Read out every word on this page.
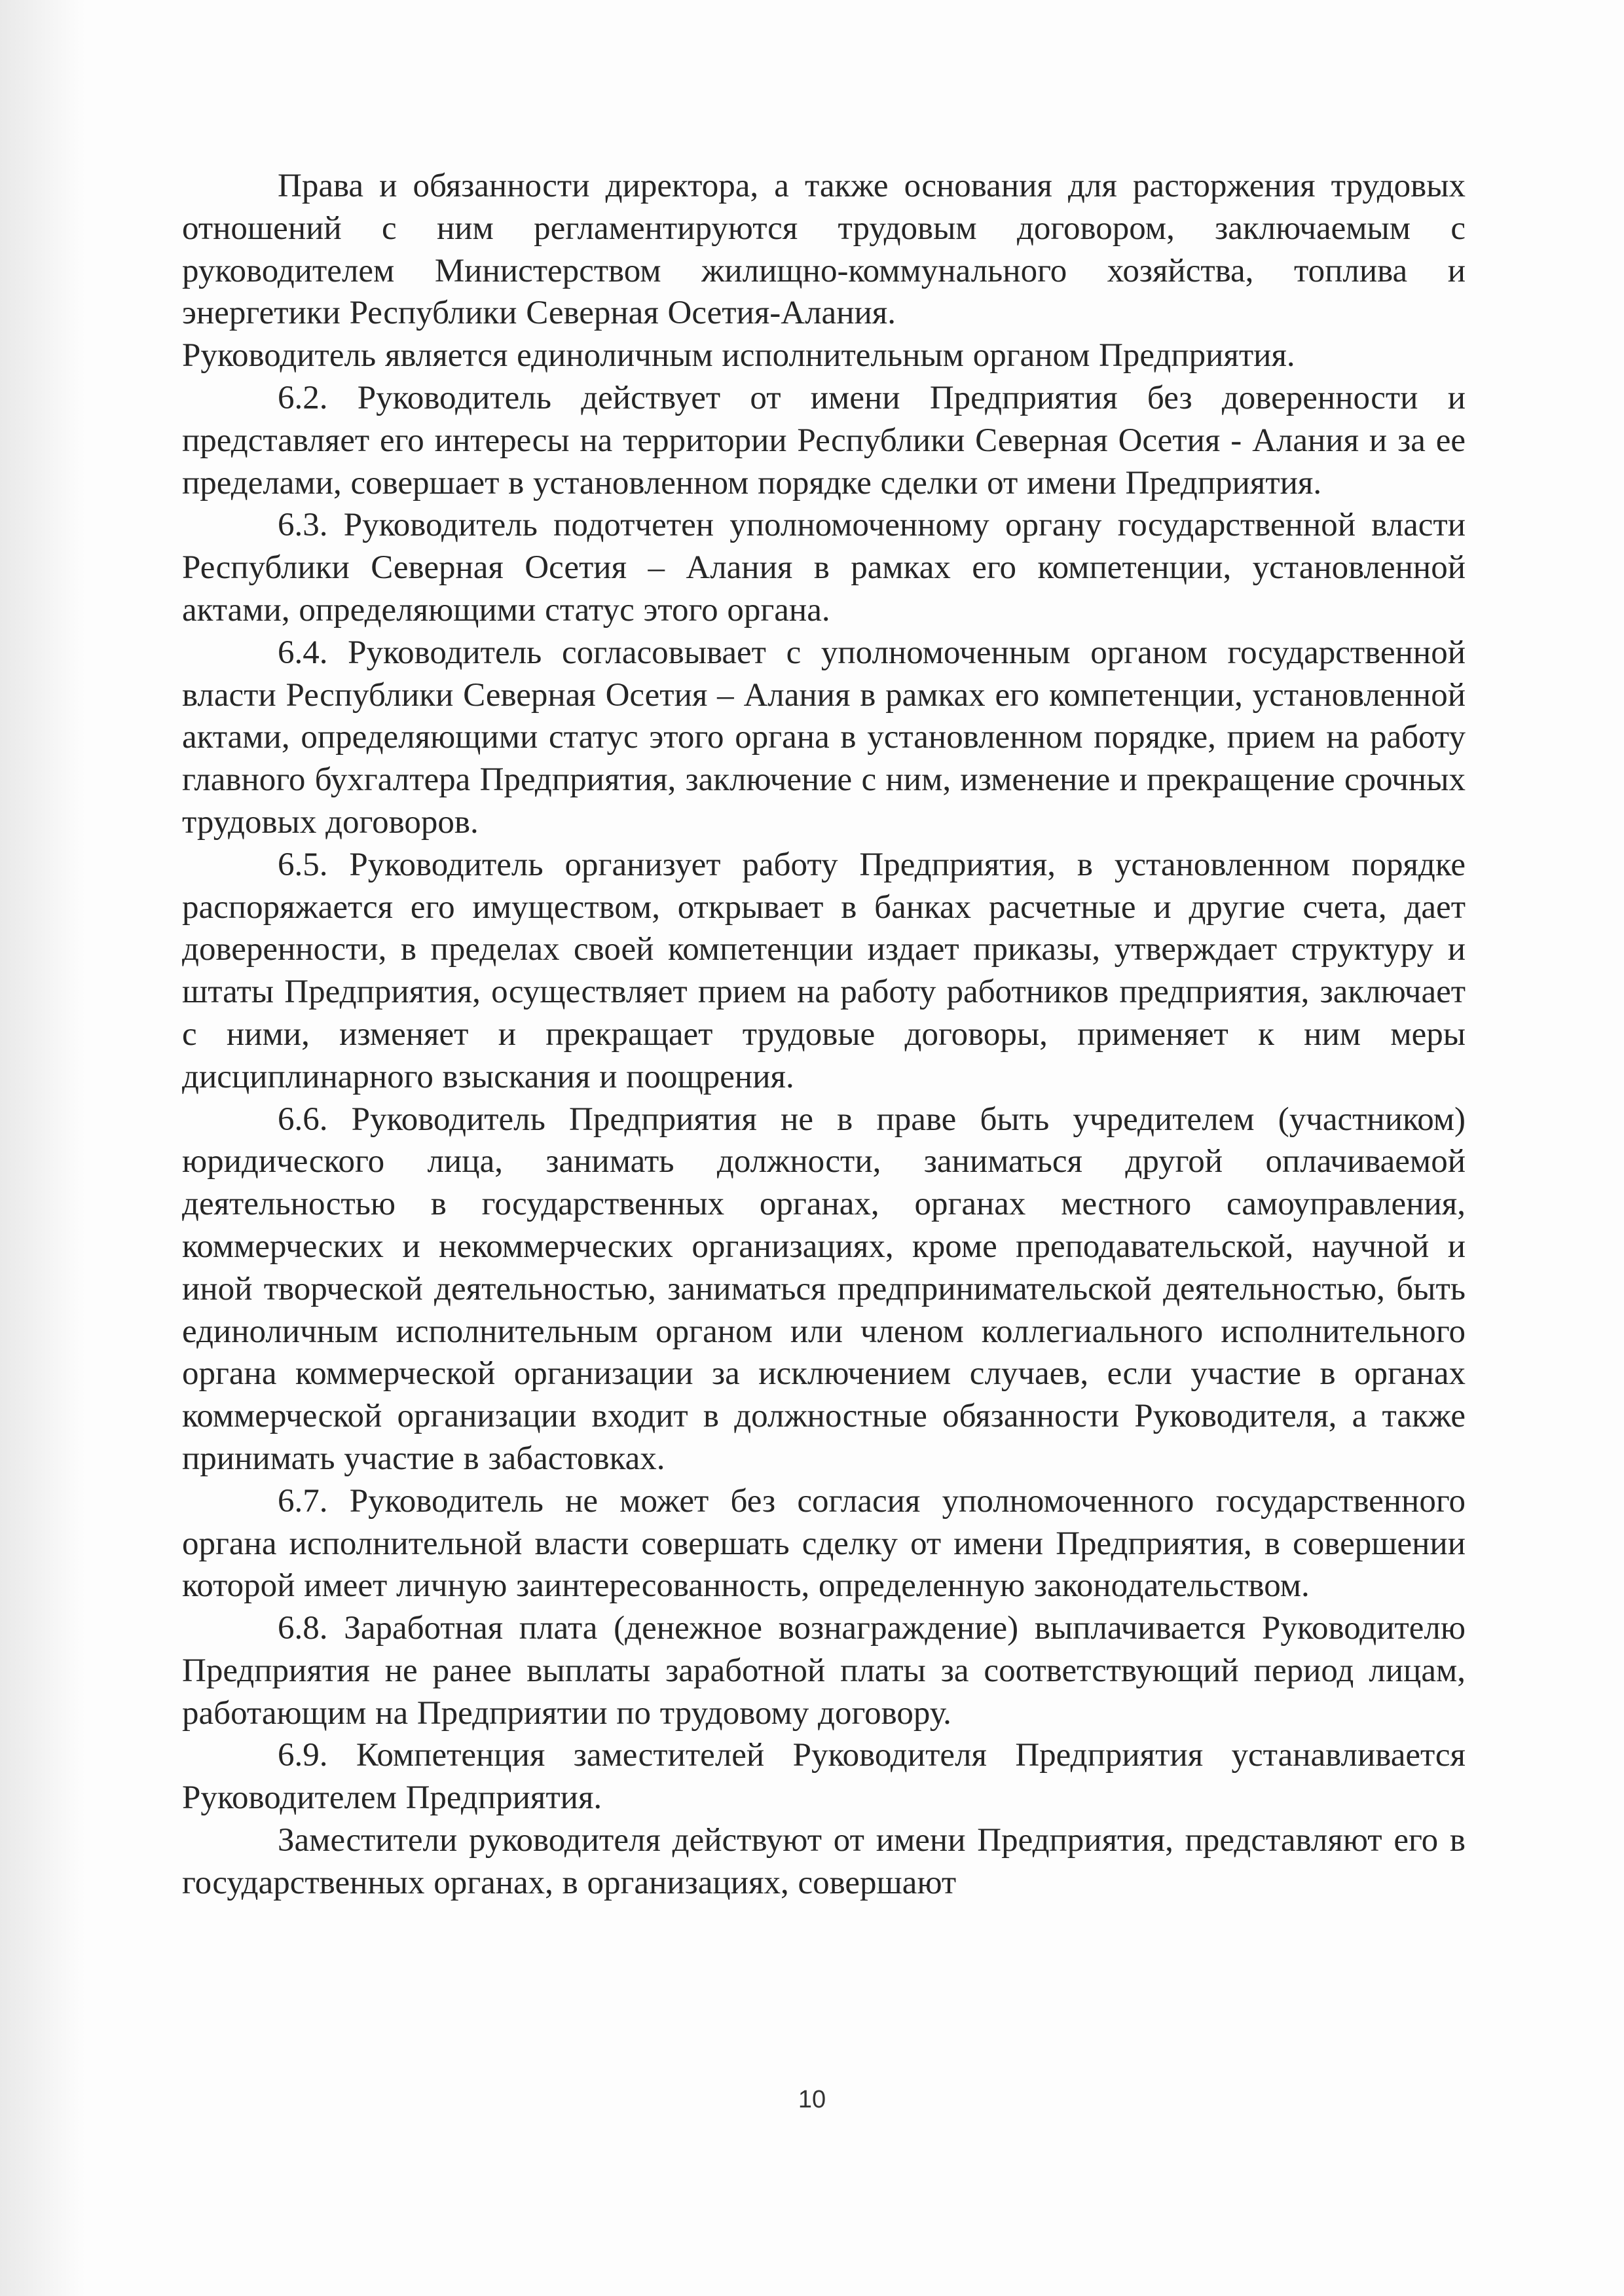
Права и обязанности директора, а также основания для расторжения трудовых отношений с ним регламентируются трудовым договором, заключаемым с руководителем Министерством жилищно-коммунального хозяйства, топлива и энергетики Республики Северная Осетия-Алания.

Руководитель является единоличным исполнительным органом Предприятия.

6.2. Руководитель действует от имени Предприятия без доверенности и представляет его интересы на территории Республики Северная Осетия - Алания и за ее пределами, совершает в установленном порядке сделки от имени Предприятия.

6.3. Руководитель подотчетен уполномоченному органу государственной власти Республики Северная Осетия – Алания в рамках его компетенции, установленной актами, определяющими статус этого органа.

6.4. Руководитель согласовывает с уполномоченным органом государственной власти Республики Северная Осетия – Алания в рамках его компетенции, установленной актами, определяющими статус этого органа в установленном порядке, прием на работу главного бухгалтера Предприятия, заключение с ним, изменение и прекращение срочных трудовых договоров.

6.5. Руководитель организует работу Предприятия, в установленном порядке распоряжается его имуществом, открывает в банках расчетные и другие счета, дает доверенности, в пределах своей компетенции издает приказы, утверждает структуру и штаты Предприятия, осуществляет прием на работу работников предприятия, заключает с ними, изменяет и прекращает трудовые договоры, применяет к ним меры дисциплинарного взыскания и поощрения.

6.6. Руководитель Предприятия не в праве быть учредителем (участником) юридического лица, занимать должности, заниматься другой оплачиваемой деятельностью в государственных органах, органах местного самоуправления, коммерческих и некоммерческих организациях, кроме преподавательской, научной и иной творческой деятельностью, заниматься предпринимательской деятельностью, быть единоличным исполнительным органом или членом коллегиального исполнительного органа коммерческой организации за исключением случаев, если участие в органах коммерческой организации входит в должностные обязанности Руководителя, а также принимать участие в забастовках.

6.7. Руководитель не может без согласия уполномоченного государственного органа исполнительной власти совершать сделку от имени Предприятия, в совершении которой имеет личную заинтересованность, определенную законодательством.

6.8. Заработная плата (денежное вознаграждение) выплачивается Руководителю Предприятия не ранее выплаты заработной платы за соответствующий период лицам, работающим на Предприятии по трудовому договору.

6.9. Компетенция заместителей Руководителя Предприятия устанавливается Руководителем Предприятия.

Заместители руководителя действуют от имени Предприятия, представляют его в государственных органах, в организациях, совершают

10
